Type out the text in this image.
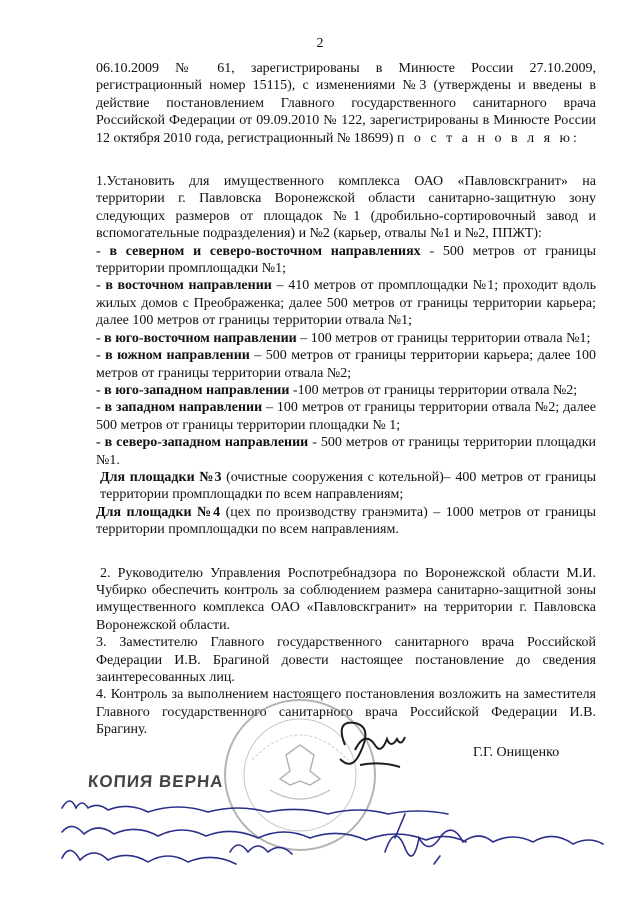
2

06.10.2009 № 61, зарегистрированы в Минюсте России 27.10.2009, регистрационный номер 15115), с изменениями №3 (утверждены и введены в действие постановлением Главного государственного санитарного врача Российской Федерации от 09.09.2010 № 122, зарегистрированы в Минюсте России 12 октября 2010 года, регистрационный № 18699) п о с т а н о в л я ю:

1.Установить для имущественного комплекса ОАО «Павловскгранит» на территории г. Павловска Воронежской области санитарно-защитную зону следующих размеров от площадок №1 (дробильно-сортировочный завод и вспомогательные подразделения) и №2 (карьер, отвалы №1 и №2, ППЖТ):

- в северном и северо-восточном направлениях - 500 метров от границы территории промплощадки №1;

- в восточном направлении – 410 метров от промплощадки №1; проходит вдоль жилых домов с Преображенка; далее 500 метров от границы территории карьера; далее 100 метров от границы территории отвала №1;

- в юго-восточном направлении – 100 метров от границы территории отвала №1;

- в южном направлении – 500 метров от границы территории карьера; далее 100 метров от границы территории отвала №2;

- в юго-западном направлении -100 метров от границы территории отвала №2;

- в западном направлении – 100 метров от границы территории отвала №2; далее 500 метров от границы территории площадки № 1;

- в северо-западном направлении - 500 метров от границы территории площадки №1.

Для площадки №3 (очистные сооружения с котельной)– 400 метров от границы территории промплощадки по всем направлениям;

Для площадки №4 (цех по производству гранэмита) – 1000 метров от границы территории промплощадки по всем направлениям.

2. Руководителю Управления Роспотребнадзора по Воронежской области М.И. Чубирко обеспечить контроль за соблюдением размера санитарно-защитной зоны имущественного комплекса ОАО «Павловскгранит» на территории г. Павловска Воронежской области.

3. Заместителю Главного государственного санитарного врача Российской Федерации И.В. Брагиной довести настоящее постановление до сведения заинтересованных лиц.

4. Контроль за выполнением настоящего постановления возложить на заместителя Главного государственного санитарного врача Российской Федерации И.В. Брагину.

Г.Г. Онищенко
КОПИЯ ВЕРНА
